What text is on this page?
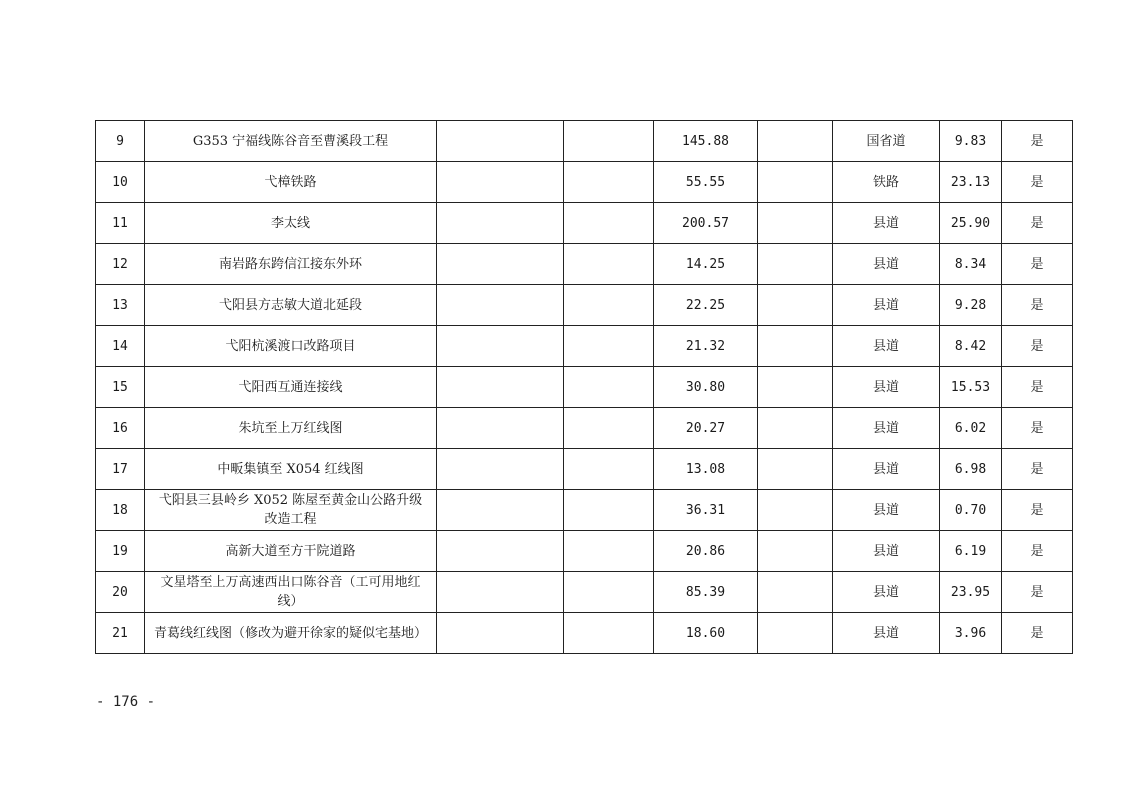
9	G353 宁福线陈谷音至曹溪段工程			145.88		国省道	9.83	是
10	弋樟铁路			55.55		铁路	23.13	是
11	李太线			200.57		县道	25.90	是
12	南岩路东跨信江接东外环			14.25		县道	8.34	是
13	弋阳县方志敏大道北延段			22.25		县道	9.28	是
14	弋阳杭溪渡口改路项目			21.32		县道	8.42	是
15	弋阳西互通连接线			30.80		县道	15.53	是
16	朱坑至上万红线图			20.27		县道	6.02	是
17	中畈集镇至 X054 红线图			13.08		县道	6.98	是
18	弋阳县三县岭乡 X052 陈屋至黄金山公路升级改造工程			36.31		县道	0.70	是
19	高新大道至方干院道路			20.86		县道	6.19	是
20	文星塔至上万高速西出口陈谷音（工可用地红线）			85.39		县道	23.95	是
21	青葛线红线图（修改为避开徐家的疑似宅基地）			18.60		县道	3.96	是
- 176 -
